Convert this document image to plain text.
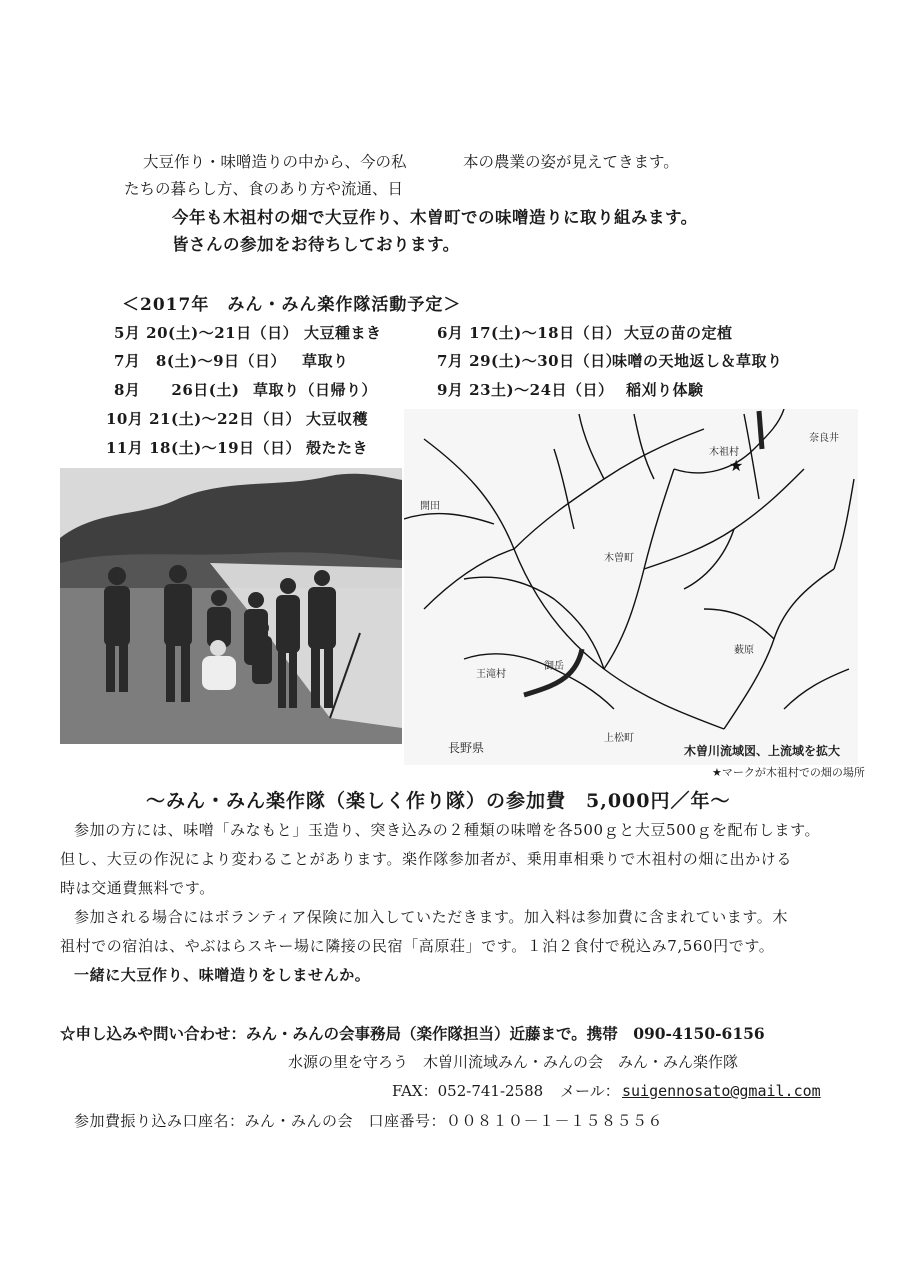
大豆作り・味噌造りの中から、今の私	本の農業の姿が見えてきます。
たちの暮らし方、食のあり方や流通、日
今年も木祖村の畑で大豆作り、木曽町での味噌造りに取り組みます。
皆さんの参加をお待ちしております。
＜2017年　みん・みん楽作隊活動予定＞
5月 20(土)～21日（日） 大豆種まき
7月　8(土)～9日（日） 草取り
8月　　26日(土) 草取り（日帰り）
10月 21(土)～22日（日） 大豆収穫
11月 18(土)～19日（日） 殻たたき
6月 17(土)～18日（日） 大豆の苗の定植
7月 29(土)～30日（日）
味噌の天地返し＆草取り
9月 23土)～24日（日） 稲刈り体験
★
木祖村
木曽町
王滝村
長野県
上松町
開田
御岳
奈良井
薮原
木曽川流域図、上流域を拡大
★マークが木祖村での畑の場所
～みん・みん楽作隊（楽しく作り隊）の参加費　5,000円／年～
参加の方には、味噌「みなもと」玉造り、突き込みの２種類の味噌を各500ｇと大豆500ｇを配布します。
但し、大豆の作況により変わることがあります。楽作隊参加者が、乗用車相乗りで木祖村の畑に出かける
時は交通費無料です。
参加される場合にはボランティア保険に加入していただきます。加入料は参加費に含まれています。木
祖村での宿泊は、やぶはらスキー場に隣接の民宿「高原荘」です。１泊２食付で税込み7,560円です。
一緒に大豆作り、味噌造りをしませんか。
☆申し込みや問い合わせ：みん・みんの会事務局（楽作隊担当）近藤まで。携帯　090-4150-6156
水源の里を守ろう　木曽川流域みん・みんの会　みん・みん楽作隊
FAX：052-741-2588 メール： suigennosato@gmail.com
参加費振り込み口座名：みん・みんの会　口座番号：００８１０－１－１５８５５６
